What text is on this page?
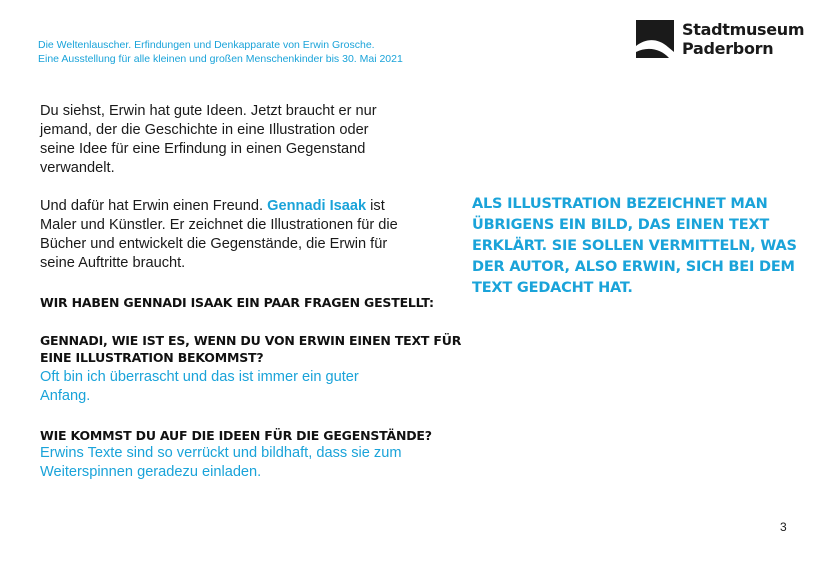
Die Weltenlauscher. Erfindungen und Denkapparate von Erwin Grosche.
Eine Ausstellung für alle kleinen und großen Menschenkinder bis 30. Mai 2021
Stadtmuseum
Paderborn
Du siehst, Erwin hat gute Ideen. Jetzt braucht er nur
jemand, der die Geschichte in eine Illustration oder
seine Idee für eine Erfindung in einen Gegenstand
verwandelt.
Und dafür hat Erwin einen Freund. Gennadi Isaak ist
Maler und Künstler. Er zeichnet die Illustrationen für die
Bücher und entwickelt die Gegenstände, die Erwin für
seine Auftritte braucht.
WIR HABEN GENNADI ISAAK EIN PAAR FRAGEN GESTELLT:
GENNADI, WIE IST ES, WENN DU VON ERWIN EINEN TEXT FÜR
EINE ILLUSTRATION BEKOMMST?
Oft bin ich überrascht und das ist immer ein guter
Anfang.
WIE KOMMST DU AUF DIE IDEEN FÜR DIE GEGENSTÄNDE?
Erwins Texte sind so verrückt und bildhaft, dass sie zum
Weiterspinnen geradezu einladen.
ALS ILLUSTRATION BEZEICHNET MAN
ÜBRIGENS EIN BILD, DAS EINEN TEXT
ERKLÄRT. SIE SOLLEN VERMITTELN, WAS
DER AUTOR, ALSO ERWIN, SICH BEI DEM
TEXT GEDACHT HAT.
3
